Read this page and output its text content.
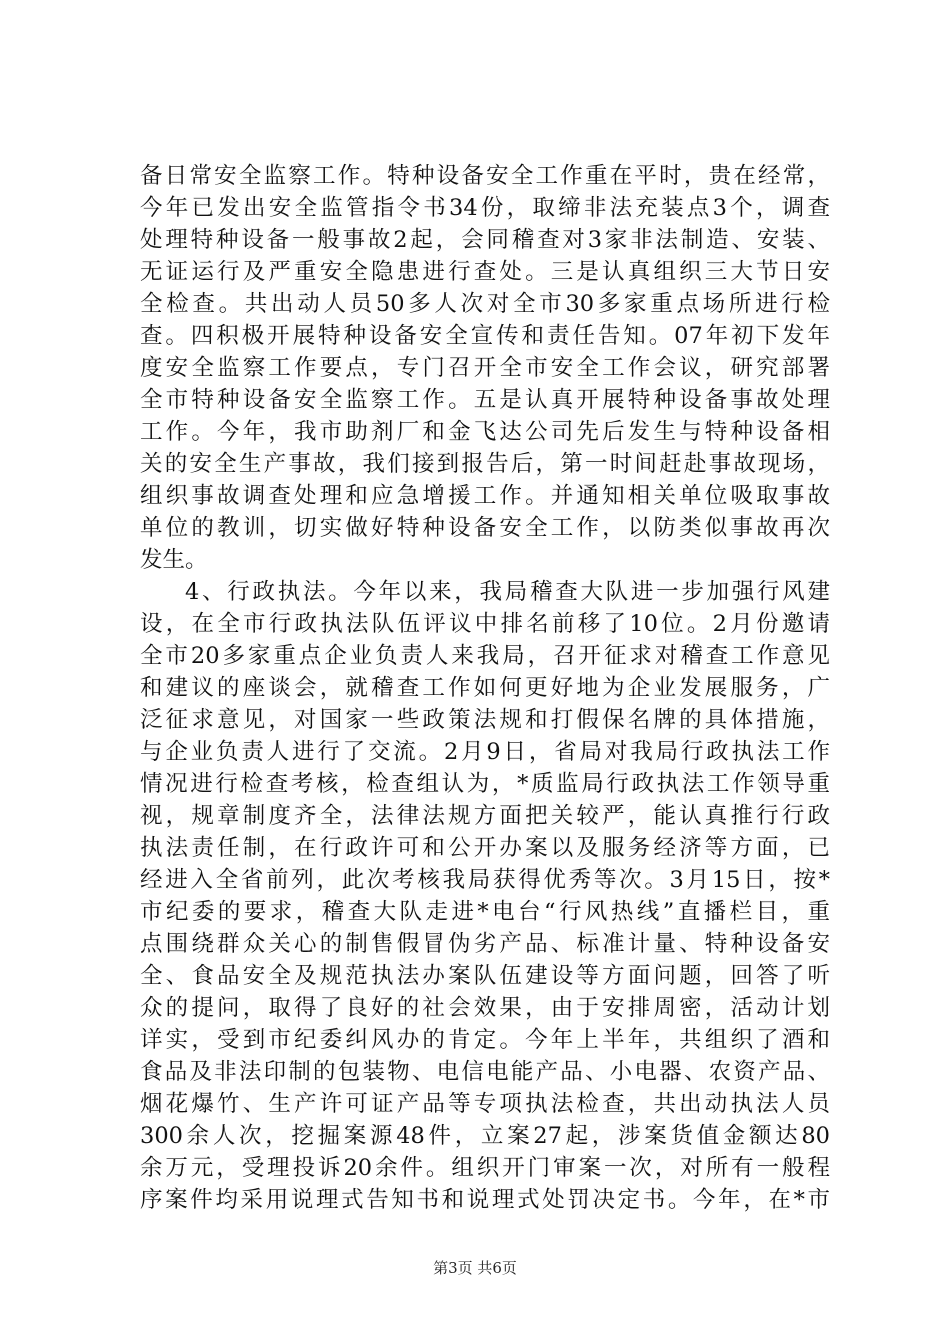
备日常安全监察工作。特种设备安全工作重在平时，贵在经常，
今年已发出安全监管指令书34份，取缔非法充装点3个，调查
处理特种设备一般事故2起，会同稽查对3家非法制造、安装、
无证运行及严重安全隐患进行查处。三是认真组织三大节日安
全检查。共出动人员50多人次对全市30多家重点场所进行检
查。四积极开展特种设备安全宣传和责任告知。07年初下发年
度安全监察工作要点，专门召开全市安全工作会议，研究部署
全市特种设备安全监察工作。五是认真开展特种设备事故处理
工作。今年，我市助剂厂和金飞达公司先后发生与特种设备相
关的安全生产事故，我们接到报告后，第一时间赶赴事故现场，
组织事故调查处理和应急增援工作。并通知相关单位吸取事故
单位的教训，切实做好特种设备安全工作，以防类似事故再次
发生。
4、行政执法。今年以来，我局稽查大队进一步加强行风建
设，在全市行政执法队伍评议中排名前移了10位。2月份邀请
全市20多家重点企业负责人来我局，召开征求对稽查工作意见
和建议的座谈会，就稽查工作如何更好地为企业发展服务，广
泛征求意见，对国家一些政策法规和打假保名牌的具体措施，
与企业负责人进行了交流。2月9日，省局对我局行政执法工作
情况进行检查考核，检查组认为，*质监局行政执法工作领导重
视，规章制度齐全，法律法规方面把关较严，能认真推行行政
执法责任制，在行政许可和公开办案以及服务经济等方面，已
经进入全省前列，此次考核我局获得优秀等次。3月15日，按*
市纪委的要求，稽查大队走进*电台“行风热线”直播栏目，重
点围绕群众关心的制售假冒伪劣产品、标准计量、特种设备安
全、食品安全及规范执法办案队伍建设等方面问题，回答了听
众的提问，取得了良好的社会效果，由于安排周密，活动计划
详实，受到市纪委纠风办的肯定。今年上半年，共组织了酒和
食品及非法印制的包装物、电信电能产品、小电器、农资产品、
烟花爆竹、生产许可证产品等专项执法检查，共出动执法人员
300余人次，挖掘案源48件，立案27起，涉案货值金额达80
余万元，受理投诉20余件。组织开门审案一次，对所有一般程
序案件均采用说理式告知书和说理式处罚决定书。今年，在*市
第3页 共6页
